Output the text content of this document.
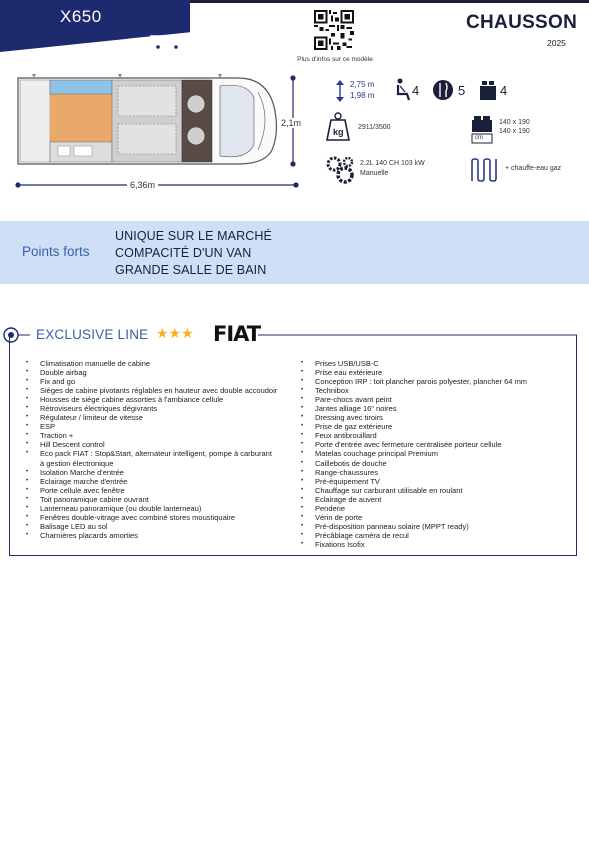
X650
Plus d'infos sur ce modèle
CHAUSSON
2025
6,36m
2,1m
2,75 m
1,98 m	4	5	4
kg 2911/3500
cm
140 x 190
140 x 190
2.2L 140 CH 103 kW
Manuelle
+ chauffe-eau gaz
Points forts
UNIQUE SUR LE MARCHÉ
COMPACITÉ D'UN VAN
GRANDE SALLE DE BAIN
EXCLUSIVE LINE ★★★ FIAT
• Climatisation manuelle de cabine
• Double airbag
• Fix and go
• Sièges de cabine pivotants réglables en hauteur avec double accoudoir
• Housses de siège cabine assorties à l'ambiance cellule
• Rétroviseurs électriques dégivrants
• Régulateur / limiteur de vitesse
• ESP
• Traction +
• Hill Descent control
• Eco pack FIAT : Stop&Start, alternateur intelligent, pompe à carburant à gestion électronique
• Isolation Marche d'entrée
• Eclairage marche d'entrée
• Porte cellule avec fenêtre
• Toit panoramique cabine ouvrant
• Lanterneau panoramique (ou double lanterneau)
• Fenêtres double-vitrage avec combiné stores moustiquaire
• Balisage LED au sol
• Charnières placards amorties
• Prises USB/USB-C
• Prise eau extérieure
• Conception IRP : toit plancher parois polyester, plancher 64 mm
• Technibox
• Pare-chocs avant peint
• Jantes alliage 16" noires
• Dressing avec tiroirs
• Prise de gaz extérieure
• Feux antibrouillard
• Porte d'entrée avec fermeture centralisée porteur cellule
• Matelas couchage principal Premium
• Caillebotis de douche
• Range-chaussures
• Pré-équipement TV
• Chauffage sur carburant utilisable en roulant
• Eclairage de auvent
• Penderie
• Vérin de porte
• Pré-disposition panneau solaire (MPPT ready)
• Précâblage caméra de recul
• Fixations Isofix
